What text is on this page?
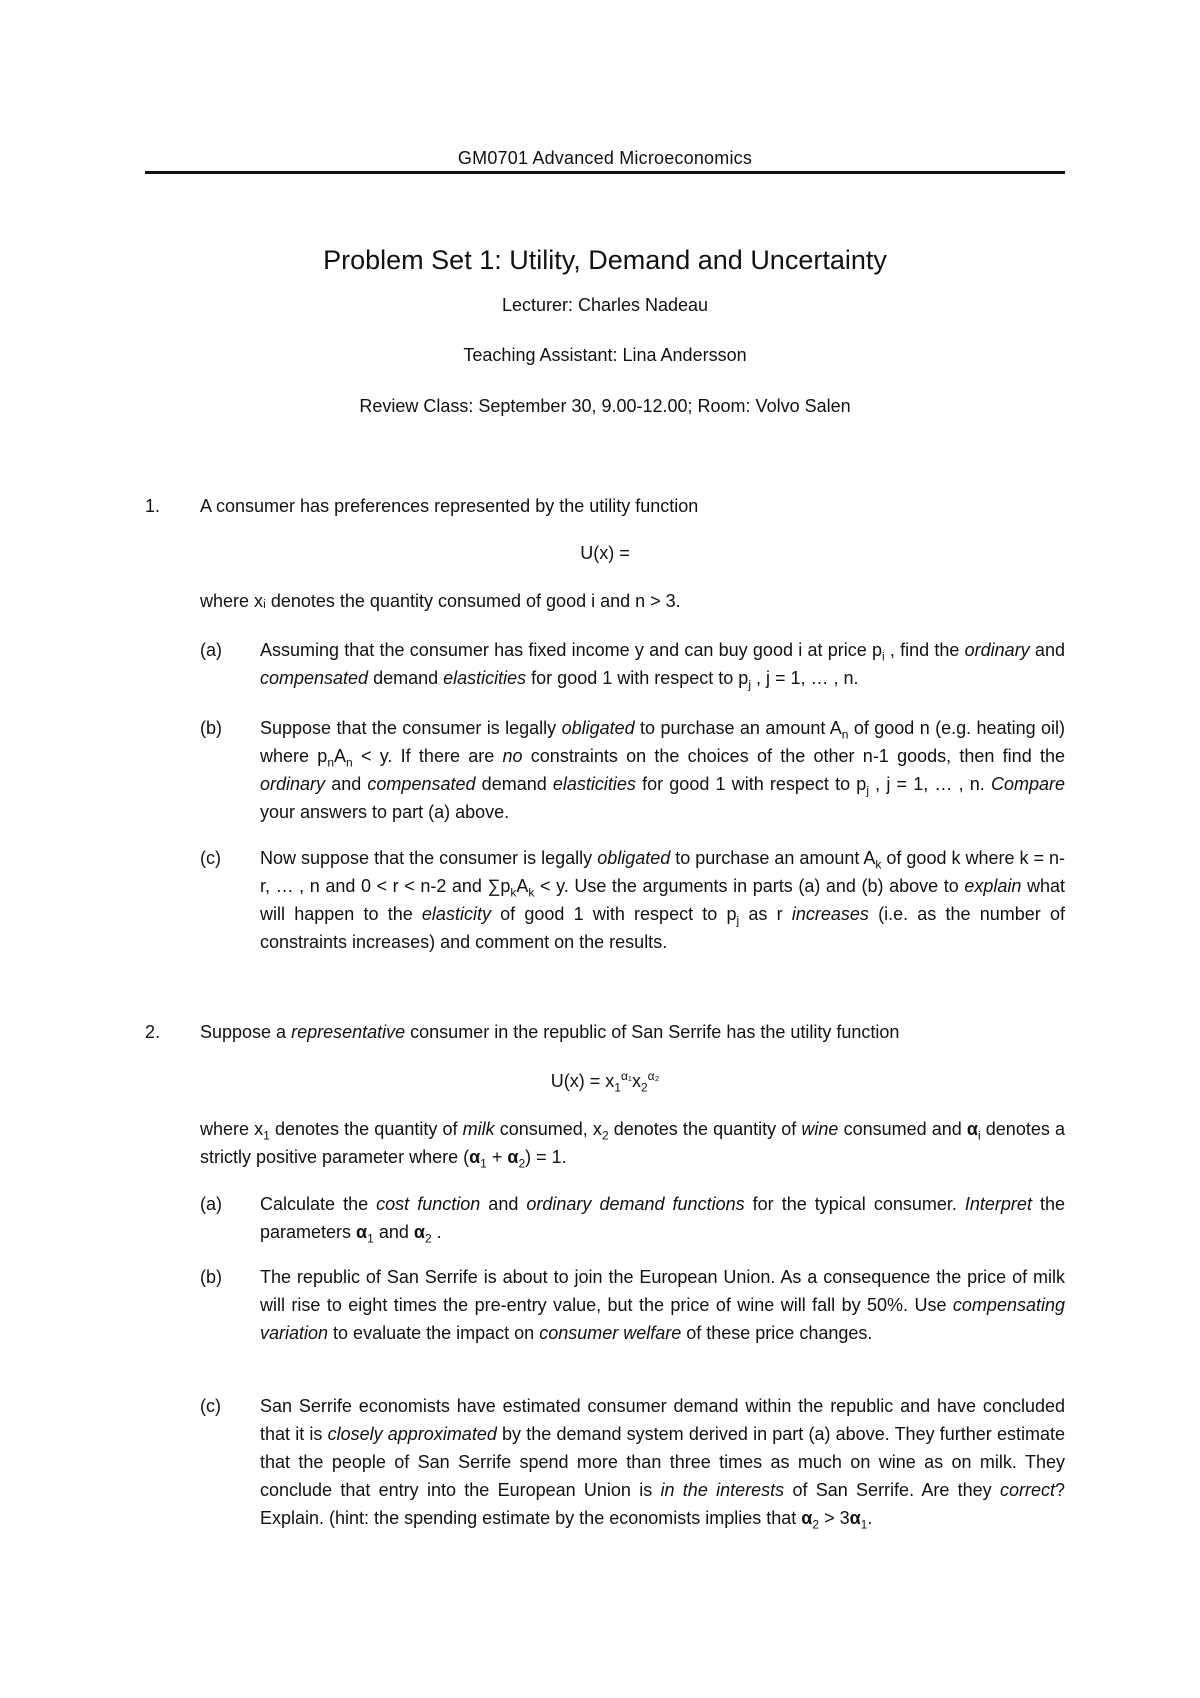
GM0701 Advanced Microeconomics
Problem Set 1: Utility, Demand and Uncertainty
Lecturer: Charles Nadeau
Teaching Assistant: Lina Andersson
Review Class: September 30, 9.00-12.00; Room: Volvo Salen
1. A consumer has preferences represented by the utility function
U(x) =
where xᵢ denotes the quantity consumed of good i and n > 3.
(a) Assuming that the consumer has fixed income y and can buy good i at price $p_i$ , find the ordinary and compensated demand elasticities for good 1 with respect to $p_j$ , j = 1, … , n.
(b) Suppose that the consumer is legally obligated to purchase an amount $A_n$ of good n (e.g. heating oil) where $p_nA_n < y$. If there are no constraints on the choices of the other n-1 goods, then find the ordinary and compensated demand elasticities for good 1 with respect to $p_j$ , j = 1, … , n. Compare your answers to part (a) above.
(c) Now suppose that the consumer is legally obligated to purchase an amount $A_k$ of good k where k = n-r, … , n and 0 < r < n-2 and $\sum p_kA_k < y$. Use the arguments in parts (a) and (b) above to explain what will happen to the elasticity of good 1 with respect to $p_j$ as r increases (i.e. as the number of constraints increases) and comment on the results.
2. Suppose a representative consumer in the republic of San Serrife has the utility function
$U(x) = x_1^{\alpha_1}x_2^{\alpha_2}$
where $x_1$ denotes the quantity of milk consumed, $x_2$ denotes the quantity of wine consumed and $\alpha_i$ denotes a strictly positive parameter where $(\alpha_1 + \alpha_2) = 1$.
(a) Calculate the cost function and ordinary demand functions for the typical consumer. Interpret the parameters $\alpha_1$ and $\alpha_2$ .
(b) The republic of San Serrife is about to join the European Union. As a consequence the price of milk will rise to eight times the pre-entry value, but the price of wine will fall by 50%. Use compensating variation to evaluate the impact on consumer welfare of these price changes.
(c) San Serrife economists have estimated consumer demand within the republic and have concluded that it is closely approximated by the demand system derived in part (a) above. They further estimate that the people of San Serrife spend more than three times as much on wine as on milk. They conclude that entry into the European Union is in the interests of San Serrife. Are they correct? Explain. (hint: the spending estimate by the economists implies that $\alpha_2 > 3\alpha_1$.
